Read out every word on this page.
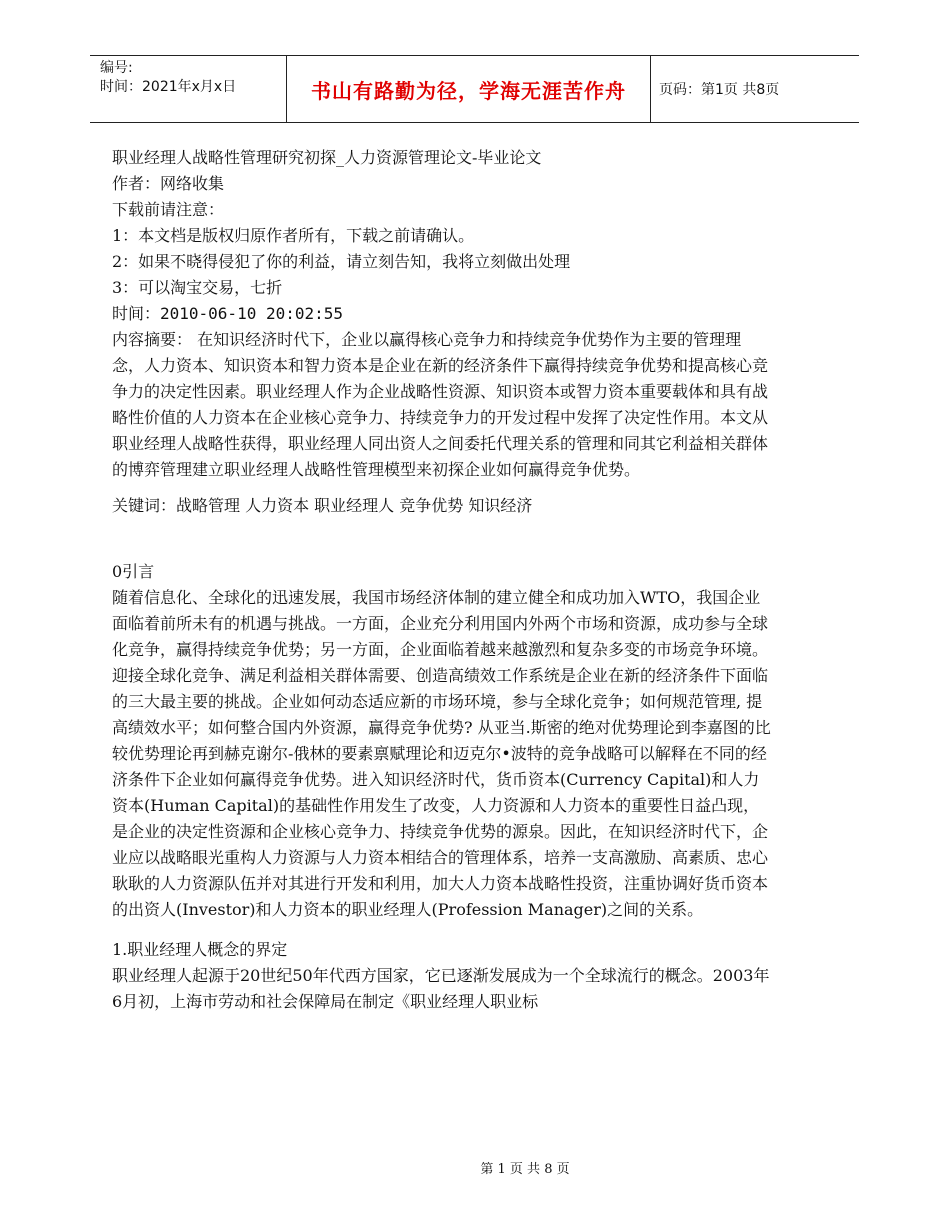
编号:
时间：2021年x月x日	书山有路勤为径，学海无涯苦作舟 页码：第1页 共8页

职业经理人战略性管理研究初探_人力资源管理论文-毕业论文

作者：网络收集

下载前请注意：

1：本文档是版权归原作者所有，下载之前请确认。

2：如果不晓得侵犯了你的利益，请立刻告知，我将立刻做出处理

3：可以淘宝交易，七折

时间：2010-06-10 20:02:55

内容摘要： 在知识经济时代下，企业以赢得核心竞争力和持续竞争优势作为主要的管理理念，人力资本、知识资本和智力资本是企业在新的经济条件下赢得持续竞争优势和提高核心竞争力的决定性因素。职业经理人作为企业战略性资源、知识资本或智力资本重要载体和具有战略性价值的人力资本在企业核心竞争力、持续竞争力的开发过程中发挥了决定性作用。本文从职业经理人战略性获得，职业经理人同出资人之间委托代理关系的管理和同其它利益相关群体的博弈管理建立职业经理人战略性管理模型来初探企业如何赢得竞争优势。

关键词：战略管理 人力资本 职业经理人 竞争优势 知识经济

0引言

随着信息化、全球化的迅速发展，我国市场经济体制的建立健全和成功加入WTO，我国企业面临着前所未有的机遇与挑战。一方面，企业充分利用国内外两个市场和资源，成功参与全球化竞争，赢得持续竞争优势；另一方面，企业面临着越来越激烈和复杂多变的市场竞争环境。迎接全球化竞争、满足利益相关群体需要、创造高绩效工作系统是企业在新的经济条件下面临的三大最主要的挑战。企业如何动态适应新的市场环境，参与全球化竞争；如何规范管理, 提高绩效水平；如何整合国内外资源，赢得竞争优势? 从亚当.斯密的绝对优势理论到李嘉图的比较优势理论再到赫克谢尔-俄林的要素禀赋理论和迈克尔•波特的竞争战略可以解释在不同的经济条件下企业如何赢得竞争优势。进入知识经济时代，货币资本(Currency Capital)和人力资本(Human Capital)的基础性作用发生了改变，人力资源和人力资本的重要性日益凸现，是企业的决定性资源和企业核心竞争力、持续竞争优势的源泉。因此，在知识经济时代下，企业应以战略眼光重构人力资源与人力资本相结合的管理体系，培养一支高激励、高素质、忠心耿耿的人力资源队伍并对其进行开发和利用，加大人力资本战略性投资，注重协调好货币资本的出资人(Investor)和人力资本的职业经理人(Profession Manager)之间的关系。

1.职业经理人概念的界定

职业经理人起源于20世纪50年代西方国家，它已逐渐发展成为一个全球流行的概念。2003年6月初，上海市劳动和社会保障局在制定《职业经理人职业标

第 1 页 共 8 页
